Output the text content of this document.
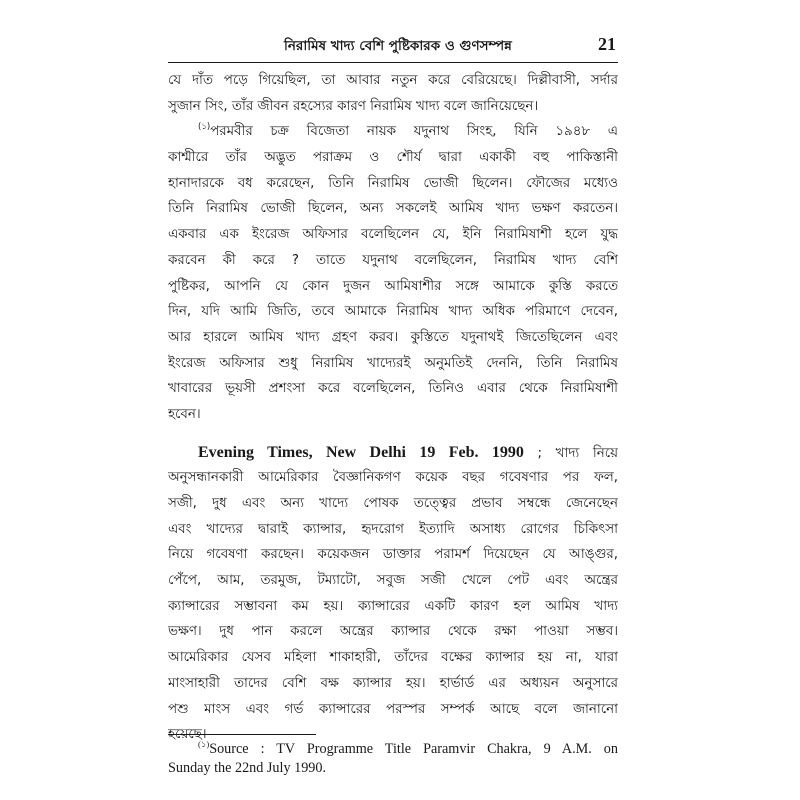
নিরামিষ খাদ্য বেশি পুষ্টিকারক ও গুণসম্পন্ন	21
যে দাঁত পড়ে গিয়েছিল, তা আবার নতুন করে বেরিয়েছে। দিল্লীবাসী, সর্দার
সুজান সিং, তাঁর জীবন রহস্যের কারণ নিরামিষ খাদ্য বলে জানিয়েছেন।
$^{(১)}$পরমবীর চক্র বিজেতা নায়ক যদুনাথ সিংহ, যিনি ১৯৪৮ এ
কাশ্মীরে তাঁর অদ্ভুত পরাক্রম ও শৌর্য দ্বারা একাকী বহু পাকিস্তানী
হানাদারকে বধ করেছেন, তিনি নিরামিষ ভোজী ছিলেন। ফৌজের মধ্যেও
তিনি নিরামিষ ভোজী ছিলেন, অন্য সকলেই আমিষ খাদ্য ভক্ষণ করতেন।
একবার এক ইংরেজ অফিসার বলেছিলেন যে, ইনি নিরামিষাশী হলে যুদ্ধ
করবেন কী করে ? তাতে যদুনাথ বলেছিলেন, নিরামিষ খাদ্য বেশি
পুষ্টিকর, আপনি যে কোন দুজন আমিষাশীর সঙ্গে আমাকে কুস্তি করতে
দিন, যদি আমি জিতি, তবে আমাকে নিরামিষ খাদ্য অধিক পরিমাণে দেবেন,
আর হারলে আমিষ খাদ্য গ্রহণ করব। কুস্তিতে যদুনাথই জিতেছিলেন এবং
ইংরেজ অফিসার শুধু নিরামিষ খাদ্যেরই অনুমতিই দেননি, তিনি নিরামিষ
খাবারের ভূয়সী প্রশংসা করে বলেছিলেন, তিনিও এবার থেকে নিরামিষাশী
হবেন।
Evening Times, New Delhi 19 Feb. 1990 ; খাদ্য নিয়ে
অনুসন্ধানকারী আমেরিকার বৈজ্ঞানিকগণ কয়েক বছর গবেষণার পর ফল,
সজী, দুধ এবং অন্য খাদ্যে পোষক তত্ত্বের প্রভাব সম্বন্ধে জেনেছেন
এবং খাদ্যের দ্বারাই ক্যান্সার, হৃদরোগ ইত্যাদি অসাধ্য রোগের চিকিৎসা
নিয়ে গবেষণা করছেন। কয়েকজন ডাক্তার পরামর্শ দিয়েছেন যে আঙ্গুর,
পেঁপে, আম, তরমুজ, টম্যাটো, সবুজ সজী খেলে পেট এবং অন্ত্রের
ক্যান্সারের সম্ভাবনা কম হয়। ক্যান্সারের একটি কারণ হল আমিষ খাদ্য
ভক্ষণ। দুধ পান করলে অন্ত্রের ক্যান্সার থেকে রক্ষা পাওয়া সম্ভব।
আমেরিকার যেসব মহিলা শাকাহারী, তাঁদের বক্ষের ক্যান্সার হয় না, যারা
মাংসাহারী তাদের বেশি বক্ষ ক্যান্সার হয়। হার্ভার্ড এর অধ্যয়ন অনুসারে
পশু মাংস এবং গর্ভ ক্যান্সারের পরস্পর সম্পর্ক আছে বলে জানানো
হয়েছে।
$^{(১)}$Source : TV Programme Title Paramvir Chakra, 9 A.M. on
Sunday the 22nd July 1990.
